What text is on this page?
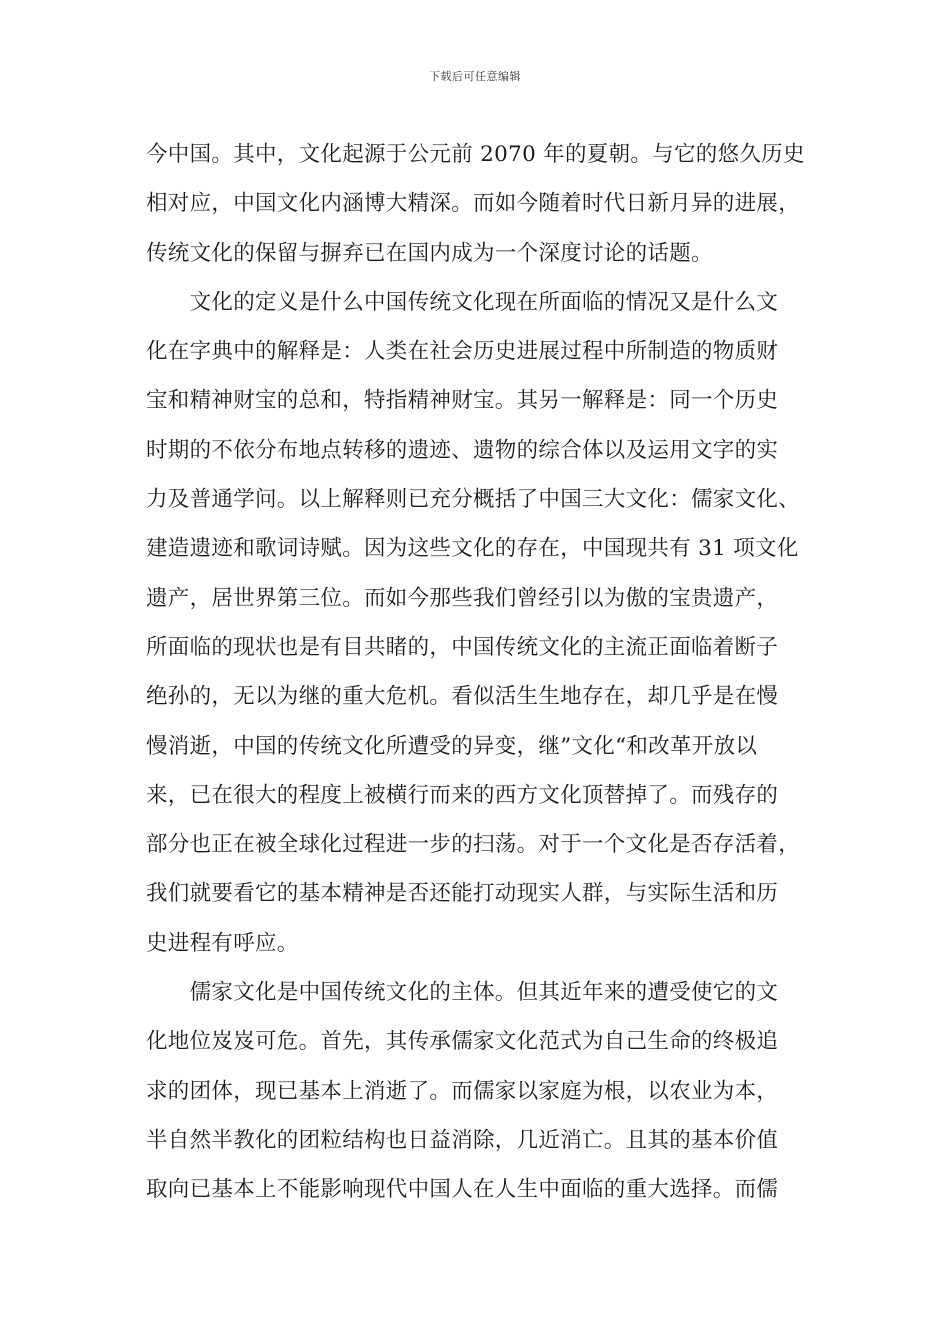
下载后可任意编辑
今中国。其中，文化起源于公元前 2070 年的夏朝。与它的悠久历史
相对应，中国文化内涵博大精深。而如今随着时代日新月异的进展，
传统文化的保留与摒弃已在国内成为一个深度讨论的话题。
　　文化的定义是什么中国传统文化现在所面临的情况又是什么文
化在字典中的解释是：人类在社会历史进展过程中所制造的物质财
宝和精神财宝的总和，特指精神财宝。其另一解释是：同一个历史
时期的不依分布地点转移的遗迹、遗物的综合体以及运用文字的实
力及普通学问。以上解释则已充分概括了中国三大文化：儒家文化、
建造遗迹和歌词诗赋。因为这些文化的存在，中国现共有 31 项文化
遗产，居世界第三位。而如今那些我们曾经引以为傲的宝贵遗产，
所面临的现状也是有目共睹的，中国传统文化的主流正面临着断子
绝孙的，无以为继的重大危机。看似活生生地存在，却几乎是在慢
慢消逝，中国的传统文化所遭受的异变，继”文化“和改革开放以
来，已在很大的程度上被横行而来的西方文化顶替掉了。而残存的
部分也正在被全球化过程进一步的扫荡。对于一个文化是否存活着，
我们就要看它的基本精神是否还能打动现实人群，与实际生活和历
史进程有呼应。
　　儒家文化是中国传统文化的主体。但其近年来的遭受使它的文
化地位岌岌可危。首先，其传承儒家文化范式为自己生命的终极追
求的团体，现已基本上消逝了。而儒家以家庭为根，以农业为本，
半自然半教化的团粒结构也日益消除，几近消亡。且其的基本价值
取向已基本上不能影响现代中国人在人生中面临的重大选择。而儒
